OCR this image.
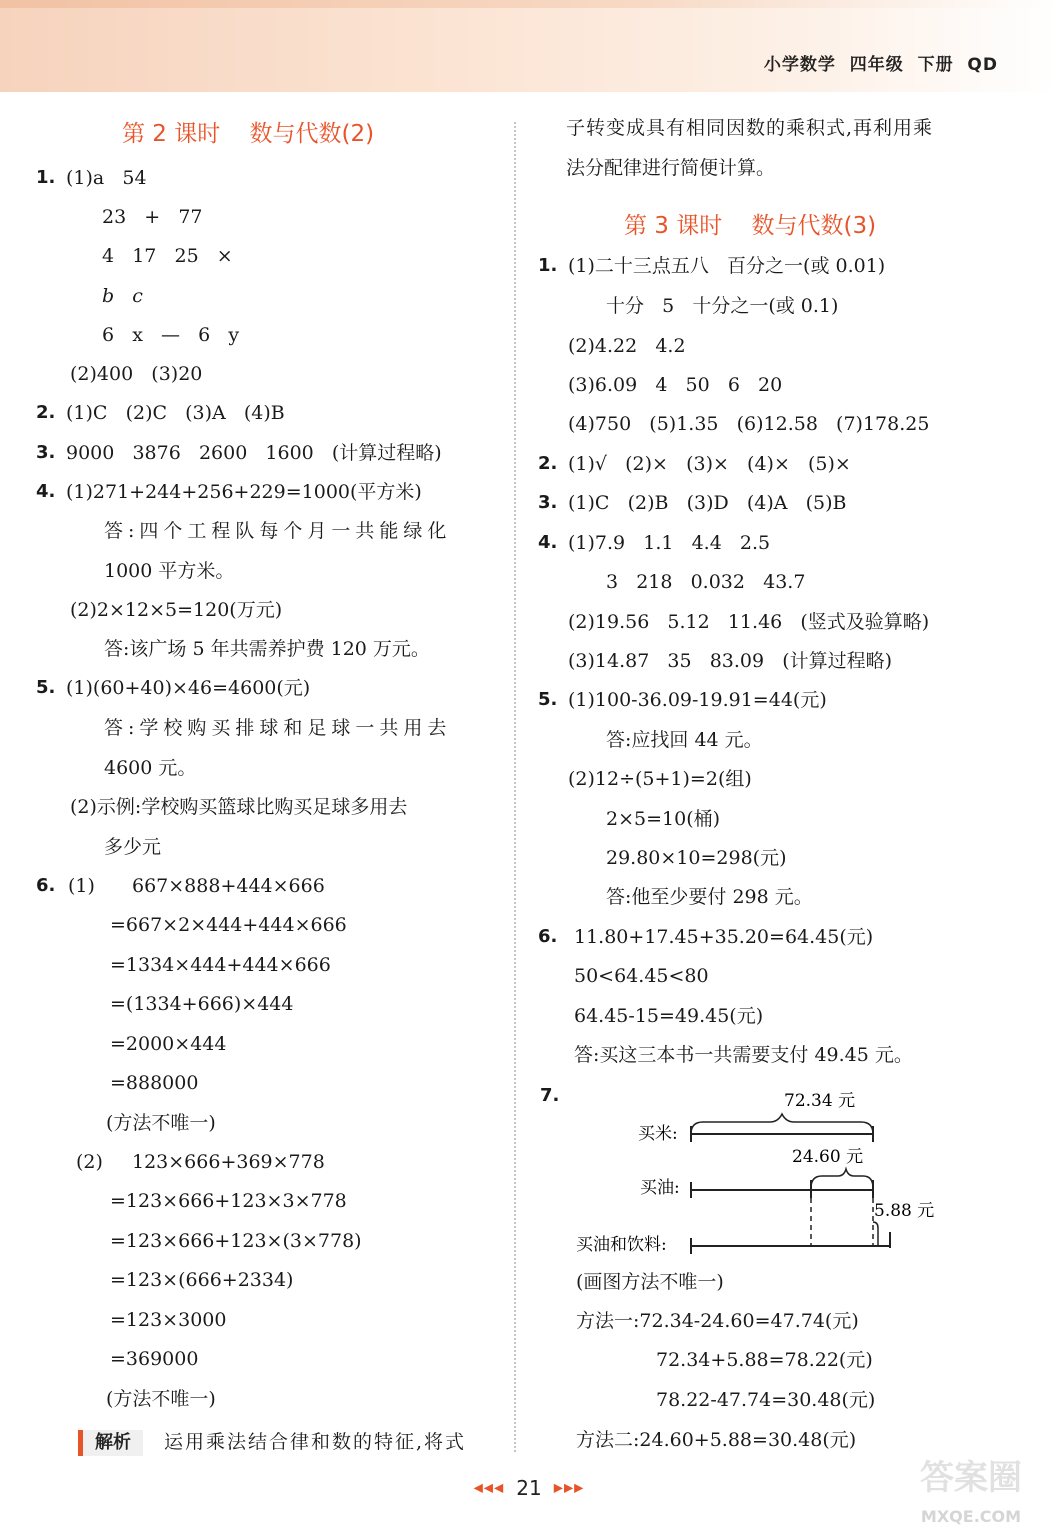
小学数学 四年级 下册 QD
第 2 课时    数与代数(2)
1. (1)a   54
23   +   77
4   17   25   ×
b   c
6   x   —   6   y
(2)400   (3)20
2. (1)C   (2)C   (3)A   (4)B
3. 9000   3876   2600   1600   (计算过程略)
4. (1)271+244+256+229=1000(平方米)
答:四个工程队每个月一共能绿化
1000 平方米。
(2)2×12×5=120(万元)
答:该广场 5 年共需养护费 120 万元。
5. (1)(60+40)×46=4600(元)
答:学校购买排球和足球一共用去
4600 元。
(2)示例:学校购买篮球比购买足球多用去
多少元
6. (1) 667×888+444×666
=667×2×444+444×666
=1334×444+444×666
=(1334+666)×444
=2000×444
=888000
(方法不唯一)
(2) 123×666+369×778
=123×666+123×3×778
=123×666+123×(3×778)
=123×(666+2334)
=123×3000
=369000
(方法不唯一)
解析	运用乘法结合律和数的特征,将式
子转变成具有相同因数的乘积式,再利用乘
法分配律进行简便计算。
第 3 课时    数与代数(3)
1. (1)二十三点五八   百分之一(或 0.01)
十分   5   十分之一(或 0.1)
(2)4.22   4.2
(3)6.09   4   50   6   20
(4)750   (5)1.35   (6)12.58   (7)178.25
2. (1)√   (2)×   (3)×   (4)×   (5)×
3. (1)C   (2)B   (3)D   (4)A   (5)B
4. (1)7.9   1.1   4.4   2.5
3   218   0.032   43.7
(2)19.56   5.12   11.46   (竖式及验算略)
(3)14.87   35   83.09   (计算过程略)
5. (1)100-36.09-19.91=44(元)
答:应找回 44 元。
(2)12÷(5+1)=2(组)
2×5=10(桶)
29.80×10=298(元)
答:他至少要付 298 元。
6. 11.80+17.45+35.20=64.45(元)
50<64.45<80
64.45-15=49.45(元)
答:买这三本书一共需要支付 49.45 元。
7.	72.34 元
买米:
24.60 元
买油:
5.88 元
买油和饮料:
(画图方法不唯一)
方法一:72.34-24.60=47.74(元)
72.34+5.88=78.22(元)
78.22-47.74=30.48(元)
方法二:24.60+5.88=30.48(元)
◀◀◀ 21 ▶▶▶	答案圈
MXQE.COM
